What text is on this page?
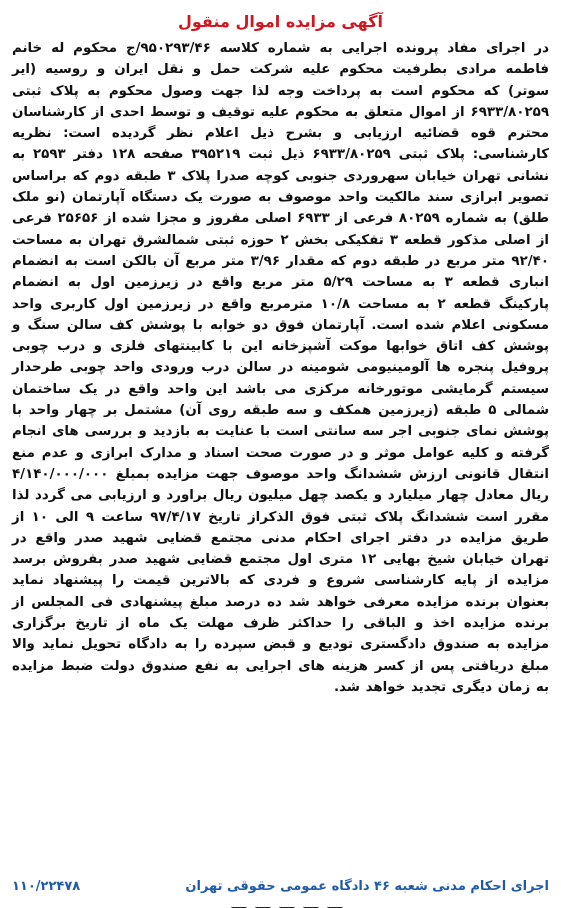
آگهی مزایده اموال منقول
در اجرای مفاد پرونده اجرایی به شماره کلاسه ۹۵۰۲۹۳/۴۶/ج محکوم له خانم فاطمه مرادی بطرفیت محکوم علیه شرکت حمل و نقل ایران و روسیه (ایر سوتر) که محکوم است به پرداخت وجه لذا جهت وصول محکوم به پلاک ثبتی ۶۹۳۳/۸۰۲۵۹ از اموال متعلق به محکوم علیه توقیف و توسط احدی از کارشناسان محترم قوه قضائیه ارزیابی و بشرح ذیل اعلام نظر گردیده است: نظریه کارشناسی: پلاک ثبتی ۶۹۳۳/۸۰۲۵۹ ذیل ثبت ۳۹۵۲۱۹ صفحه ۱۲۸ دفتر ۲۵۹۳ به نشانی تهران خیابان سهروردی جنوبی کوچه صدرا پلاک ۳ طبقه دوم که براساس تصویر ابرازی سند مالکیت واحد موصوف به صورت یک دستگاه آپارتمان (نو ملک طلق) به شماره ۸۰۲۵۹ فرعی از ۶۹۳۳ اصلی مفروز و مجزا شده از ۲۵۶۵۶ فرعی از اصلی مذکور قطعه ۳ تفکیکی بخش ۲ حوزه ثبتی شمالشرق تهران به مساحت ۹۲/۴۰ متر مربع در طبقه دوم که مقدار ۳/۹۶ متر مربع آن بالکن است به انضمام انباری قطعه ۳ به مساحت ۵/۲۹ متر مربع واقع در زیرزمین اول به انضمام پارکینگ قطعه ۲ به مساحت ۱۰/۸ مترمربع واقع در زیرزمین اول کاربری واحد مسکونی اعلام شده است. آپارتمان فوق دو خوابه با پوشش کف سالن سنگ و پوشش کف اتاق خوابها موکت آشپزخانه این با کابینتهای فلزی و درب چوبی پروفیل پنجره ها آلومینیومی شومینه در سالن درب ورودی واحد چوبی طرحدار سیستم گرمایشی موتورخانه مرکزی می باشد این واحد واقع در یک ساختمان شمالی ۵ طبقه (زیرزمین همکف و سه طبقه روی آن) مشتمل بر چهار واحد با پوشش نمای جنوبی اجر سه سانتی است با عنایت به بازدید و بررسی های انجام گرفته و کلیه عوامل موثر و در صورت صحت اسناد و مدارک ابرازی و عدم منع انتقال قانونی ارزش ششدانگ واحد موصوف جهت مزایده بمبلغ ۴/۱۴۰/۰۰۰/۰۰۰ ریال معادل چهار میلیارد و یکصد چهل میلیون ریال براورد و ارزیابی می گردد لذا مقرر است ششدانگ پلاک ثبتی فوق الذکراز تاریخ ۹۷/۴/۱۷ ساعت ۹ الی ۱۰ از طریق مزایده در دفتر اجرای احکام مدنی مجتمع قضایی شهید صدر واقع در تهران خیابان شیخ بهایی ۱۲ متری اول مجتمع قضایی شهید صدر بفروش برسد مزایده از پایه کارشناسی شروع و فردی که بالاترین قیمت را پیشنهاد نماید بعنوان برنده مزایده معرفی خواهد شد ده درصد مبلغ پیشنهادی فی المجلس از برنده مزایده اخذ و الباقی را حداکثر ظرف مهلت یک ماه از تاریخ برگزاری مزایده به صندوق دادگستری تودیع و قبض سپرده را به دادگاه تحویل نماید والا مبلغ دریافتی پس از کسر هزینه های اجرایی به نفع صندوق دولت ضبط مزایده به زمان دیگری تجدید خواهد شد.
اجرای احکام مدنی شعبه ۴۶ دادگاه عمومی حقوقی تهران
۱۱۰/۲۲۴۷۸
